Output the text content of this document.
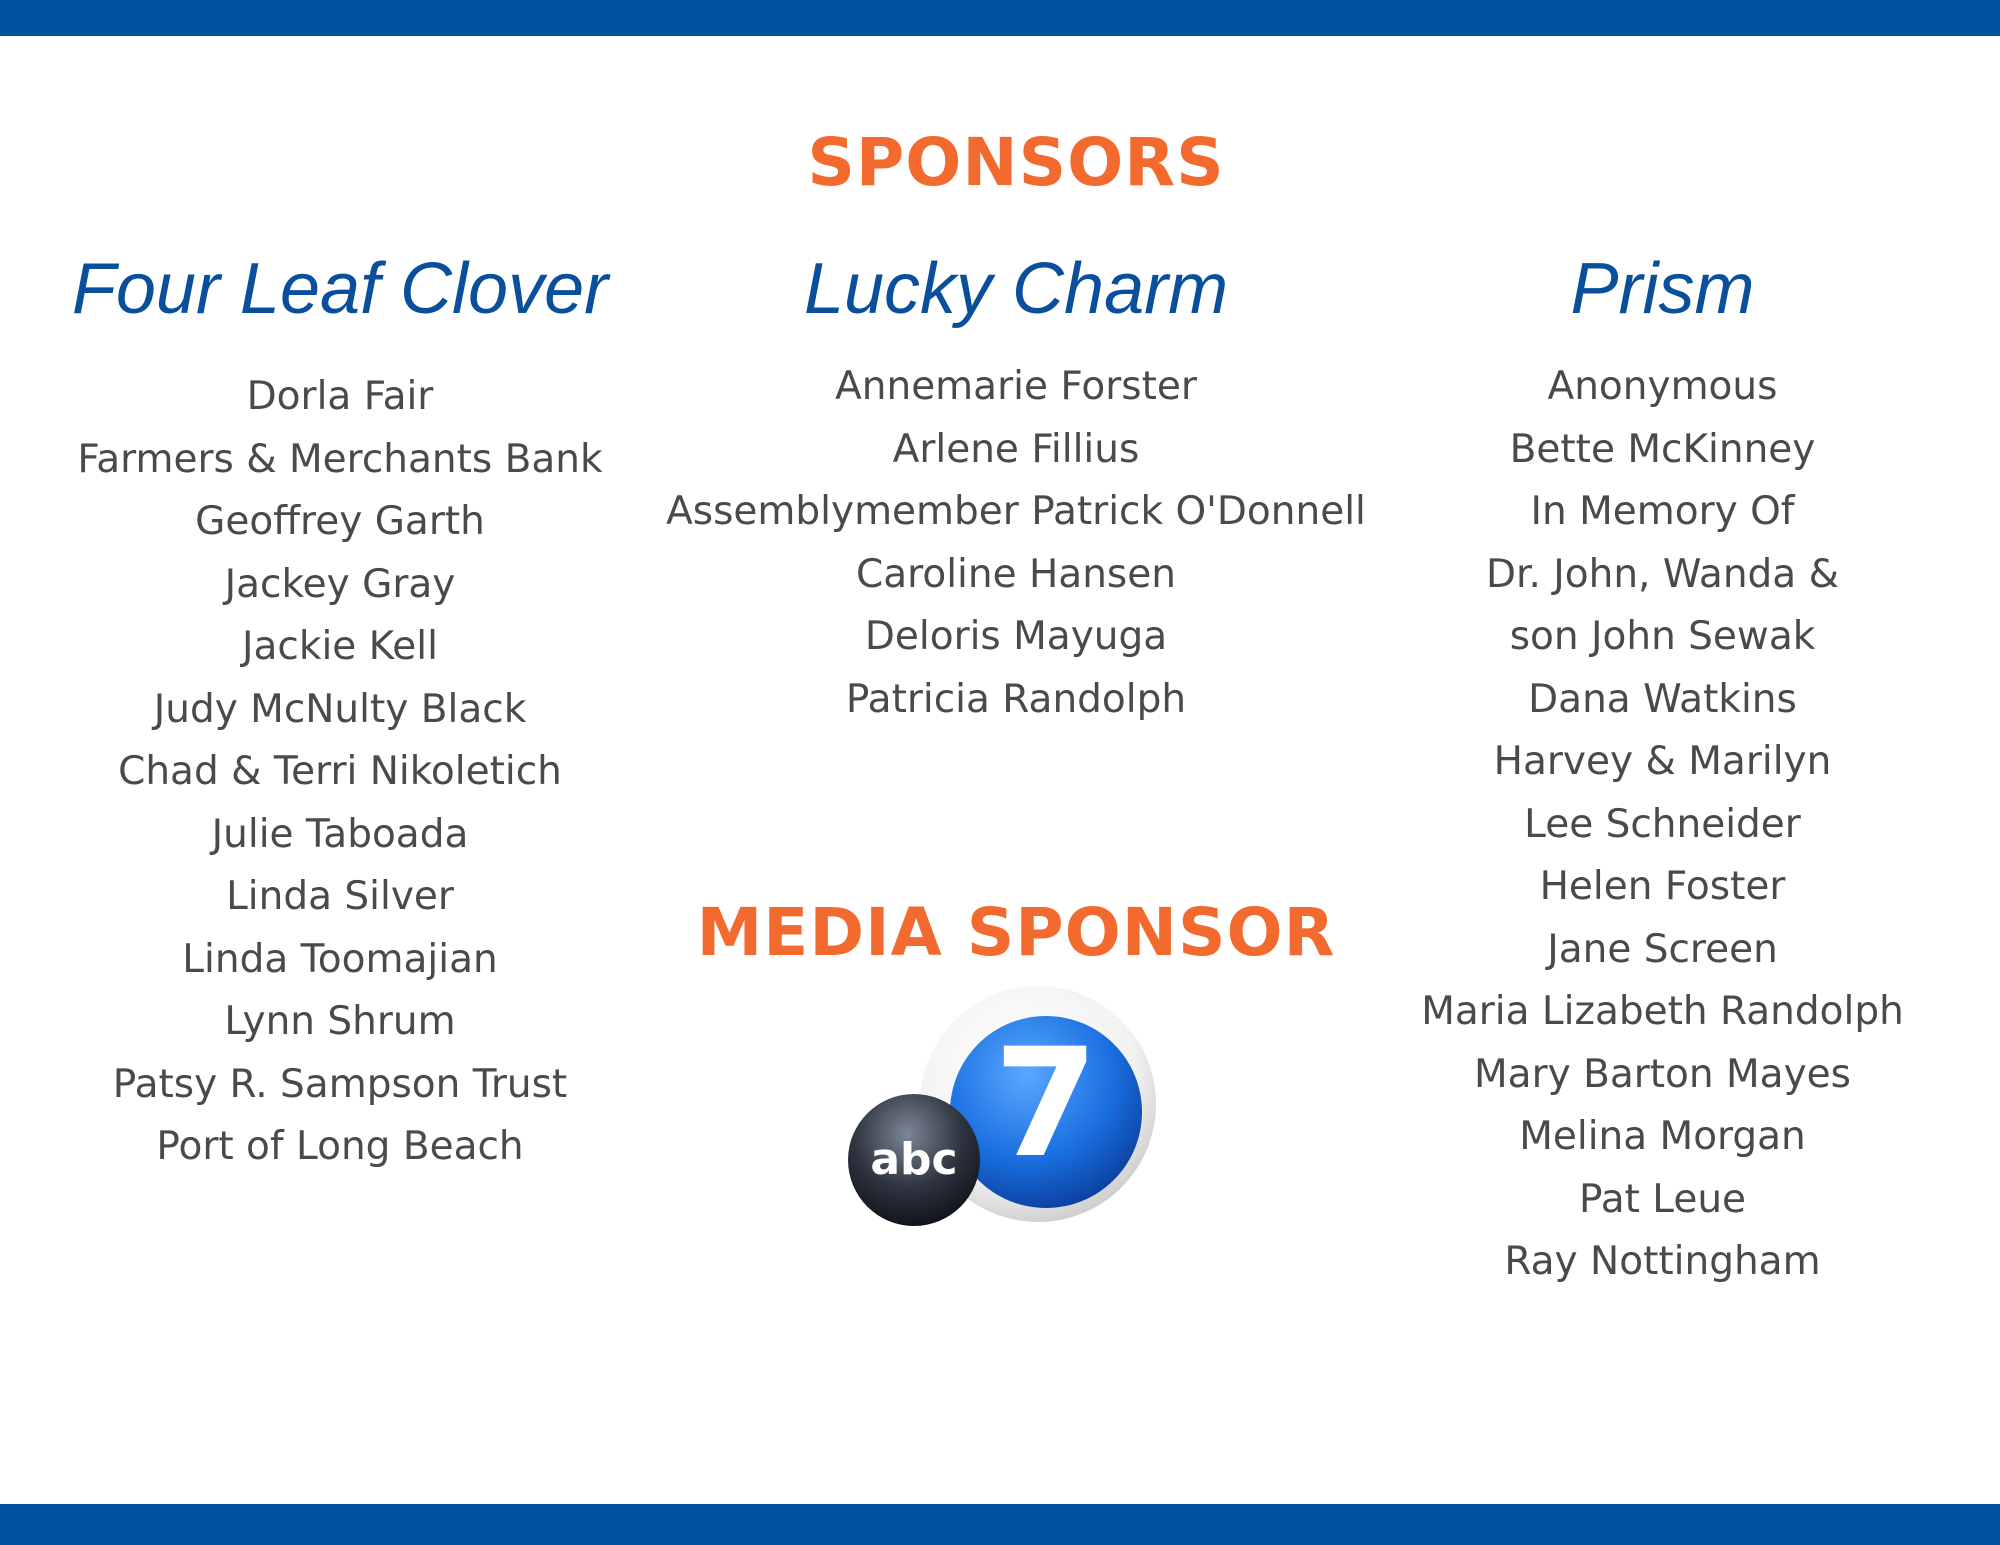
SPONSORS
Four Leaf Clover
Dorla Fair
Farmers & Merchants Bank
Geoffrey Garth
Jackey Gray
Jackie Kell
Judy McNulty Black
Chad & Terri Nikoletich
Julie Taboada
Linda Silver
Linda Toomajian
Lynn Shrum
Patsy R. Sampson Trust
Port of Long Beach
Lucky Charm
Annemarie Forster
Arlene Fillius
Assemblymember Patrick O'Donnell
Caroline Hansen
Deloris Mayuga
Patricia Randolph
Prism
Anonymous
Bette McKinney
In Memory Of
Dr. John, Wanda &
son John Sewak
Dana Watkins
Harvey & Marilyn
Lee Schneider
Helen Foster
Jane Screen
Maria Lizabeth Randolph
Mary Barton Mayes
Melina Morgan
Pat Leue
Ray Nottingham
MEDIA SPONSOR
7
abc
